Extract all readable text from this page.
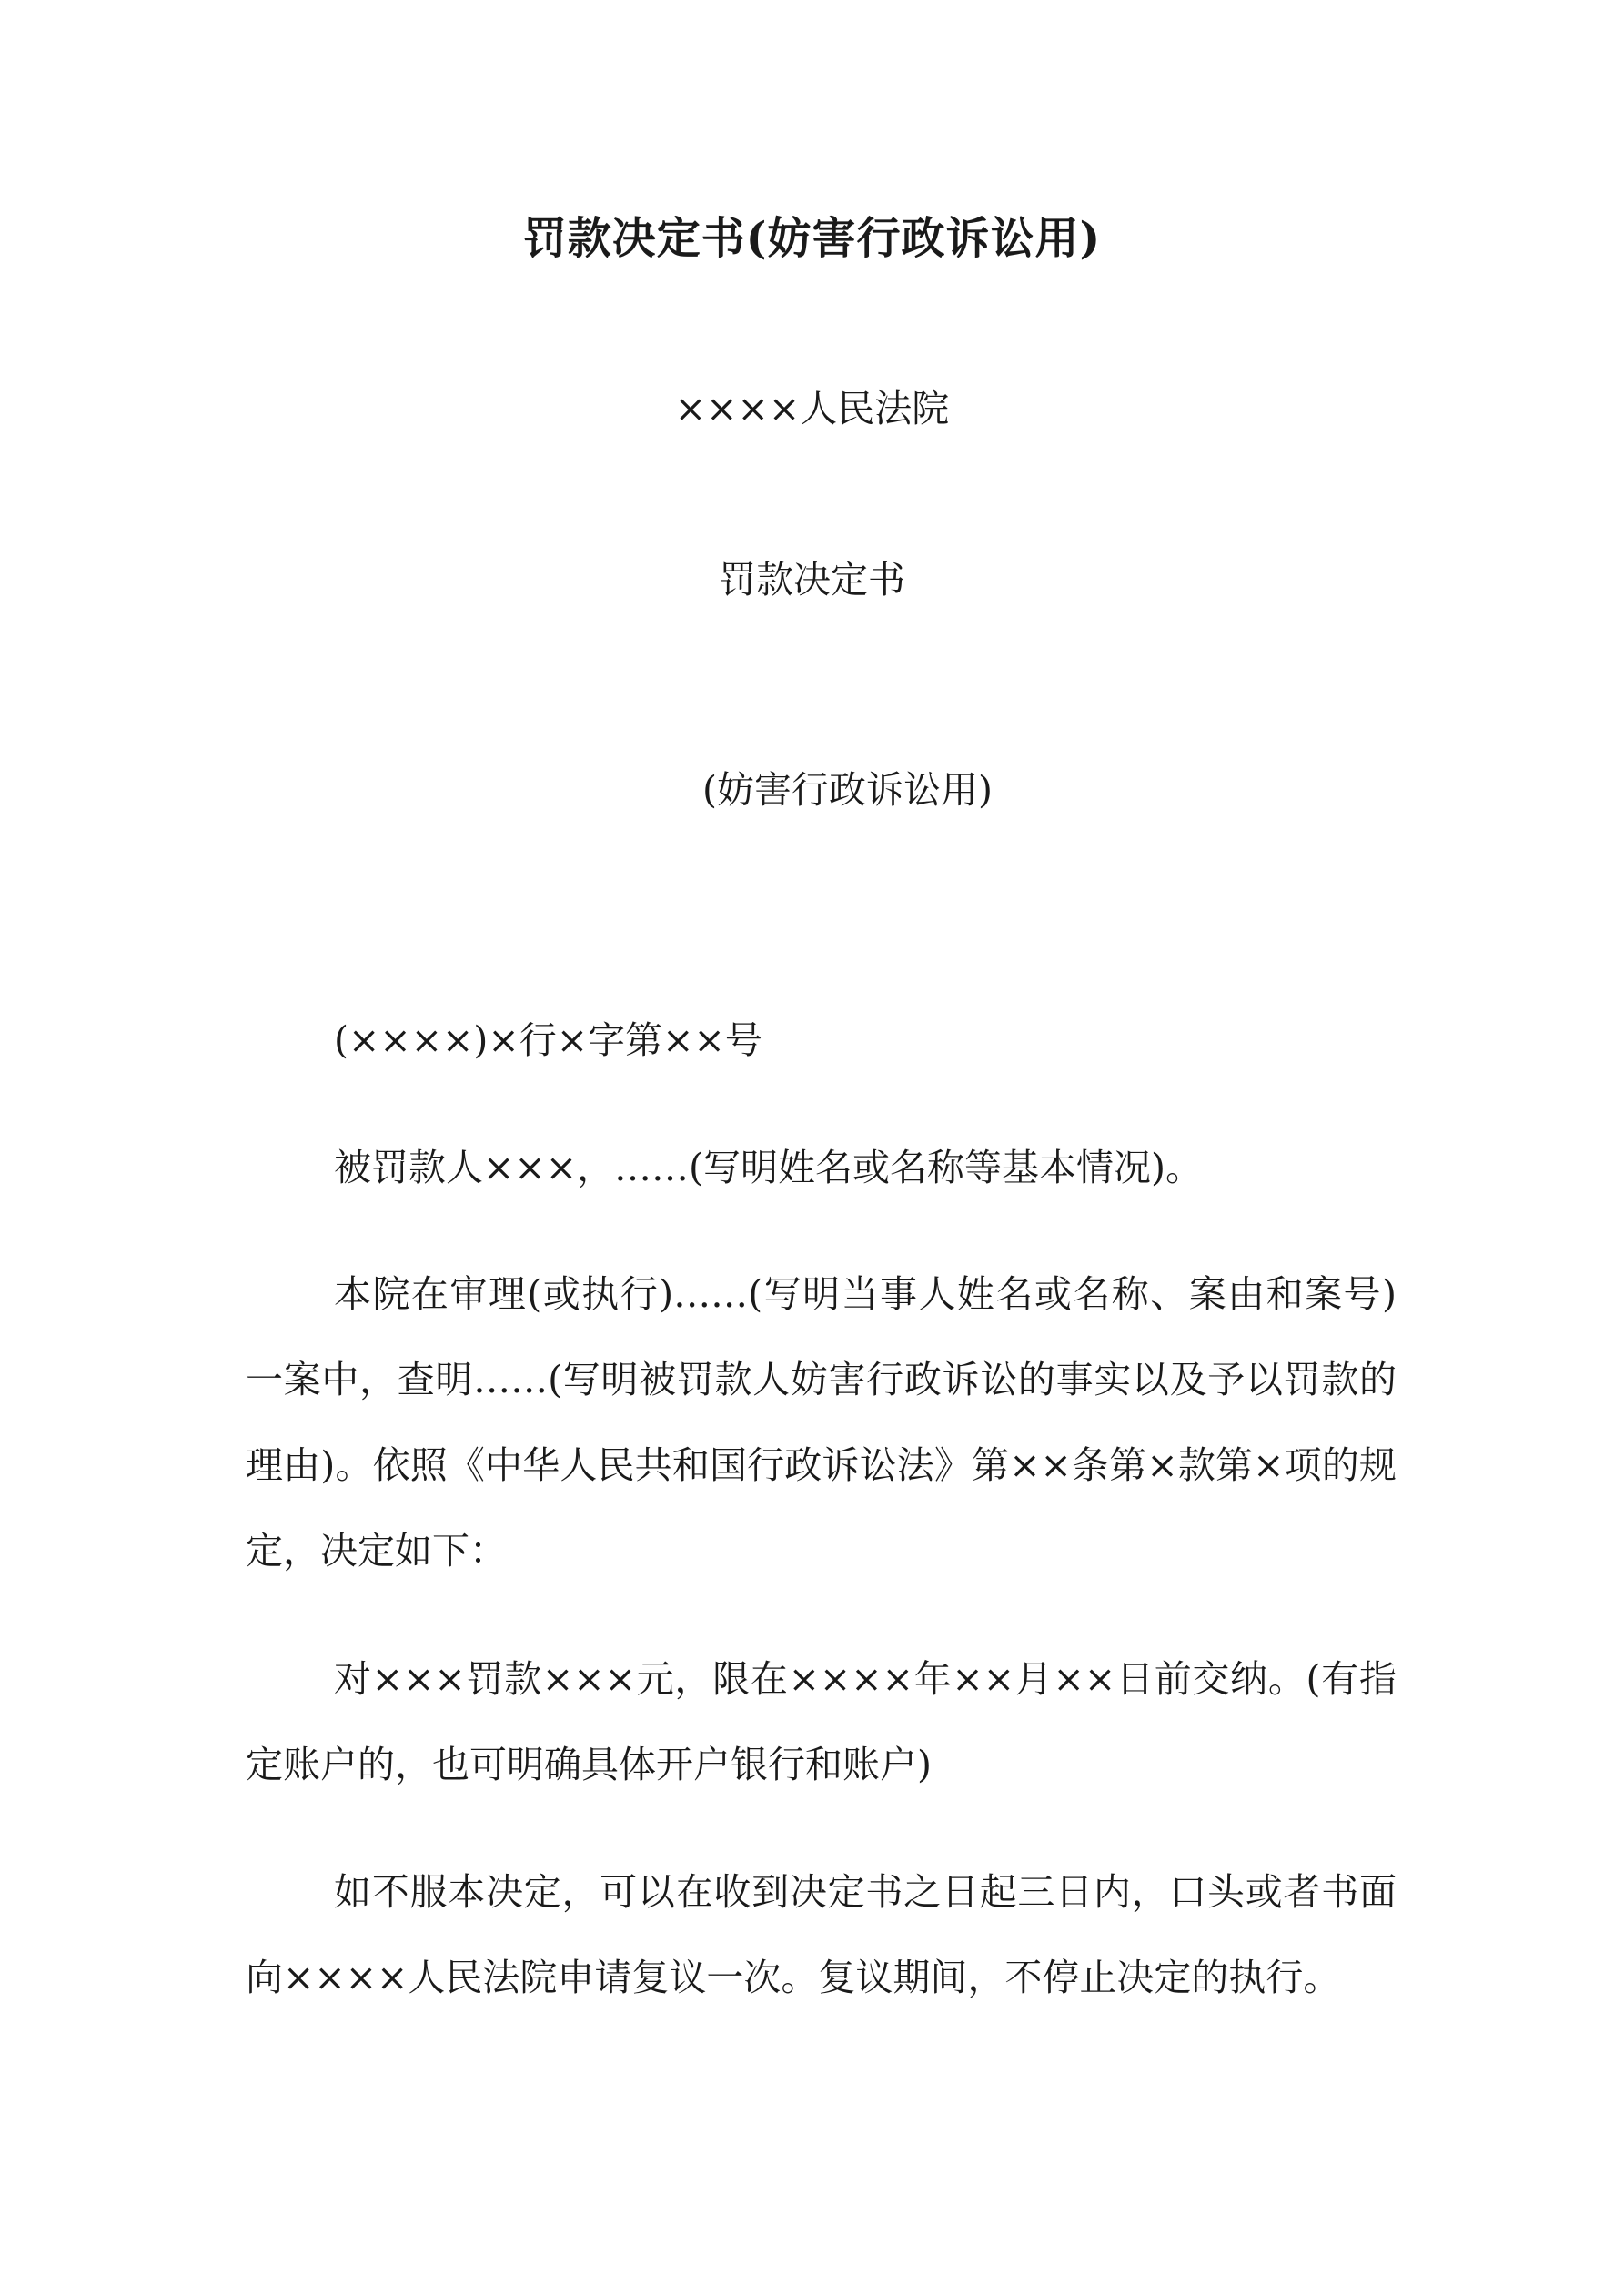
罚款决定书(妨害行政诉讼用)
××××人民法院
罚款决定书
(妨害行政诉讼用)

(××××)×行×字第××号

被罚款人×××，……(写明姓名或名称等基本情况)。

本院在审理(或执行)……(写明当事人姓名或名称、案由和案号)一案中，查明……(写明被罚款人妨害行政诉讼的事实以及予以罚款的理由)。依照《中华人民共和国行政诉讼法》第××条第×款第×项的规定，决定如下：

对×××罚款×××元，限在××××年××月××日前交纳。(有指定账户的，也可明确具体开户银行和账户)

如不服本决定，可以在收到决定书之日起三日内，口头或者书面向××××人民法院申请复议一次。复议期间，不停止决定的执行。
